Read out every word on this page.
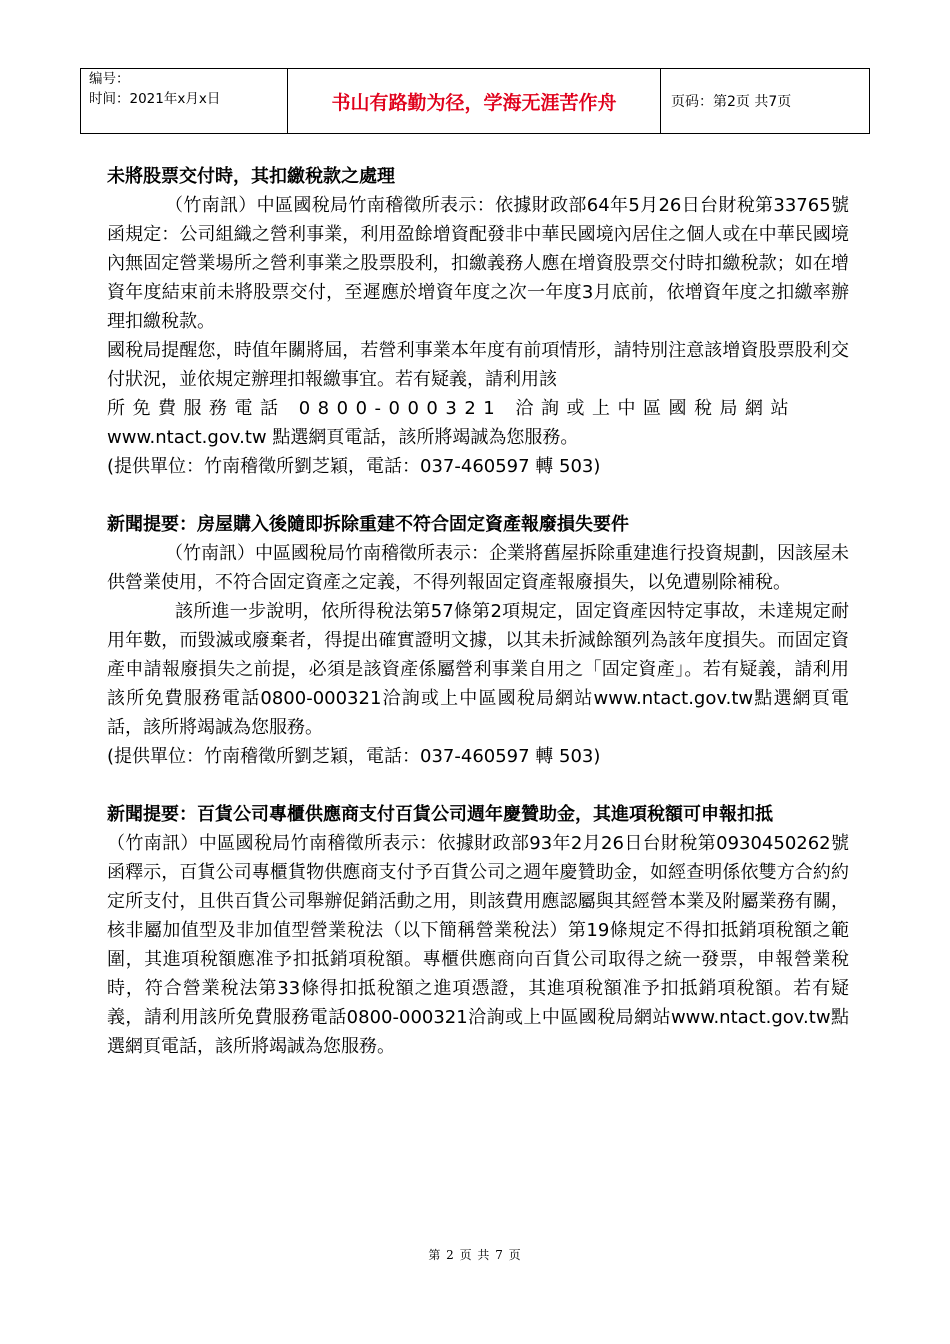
编号：
时间：2021年x月x日	书山有路勤为径，学海无涯苦作舟	页码：第2页 共7页

未將股票交付時，其扣繳稅款之處理

（竹南訊）中區國稅局竹南稽徵所表示：依據財政部64年5月26日台財稅第33765號函規定：公司組織之營利事業，利用盈餘增資配發非中華民國境內居住之個人或在中華民國境內無固定營業場所之營利事業之股票股利，扣繳義務人應在增資股票交付時扣繳稅款；如在增資年度結束前未將股票交付，至遲應於增資年度之次一年度3月底前，依增資年度之扣繳率辦理扣繳稅款。

國稅局提醒您，時值年關將屆，若營利事業本年度有前項情形，請特別注意該增資股票股利交付狀況，並依規定辦理扣報繳事宜。若有疑義，請利用該

所免費服務電話 0800-000321 洽詢或上中區國稅局網站

www.ntact.gov.tw 點選網頁電話，該所將竭誠為您服務。

(提供單位：竹南稽徵所劉芝穎，電話：037-460597 轉 503)

新聞提要：房屋購入後隨即拆除重建不符合固定資產報廢損失要件

（竹南訊）中區國稅局竹南稽徵所表示：企業將舊屋拆除重建進行投資規劃，因該屋未供營業使用，不符合固定資產之定義，不得列報固定資產報廢損失，以免遭剔除補稅。

該所進一步說明，依所得稅法第57條第2項規定，固定資產因特定事故，未達規定耐用年數，而毀滅或廢棄者，得提出確實證明文據，以其未折減餘額列為該年度損失。而固定資產申請報廢損失之前提，必須是該資產係屬營利事業自用之「固定資產」。若有疑義，請利用該所免費服務電話0800-000321洽詢或上中區國稅局網站www.ntact.gov.tw點選網頁電話，該所將竭誠為您服務。

(提供單位：竹南稽徵所劉芝穎，電話：037-460597 轉 503)

新聞提要：百貨公司專櫃供應商支付百貨公司週年慶贊助金，其進項稅額可申報扣抵

（竹南訊）中區國稅局竹南稽徵所表示：依據財政部93年2月26日台財稅第0930450262號函釋示，百貨公司專櫃貨物供應商支付予百貨公司之週年慶贊助金，如經查明係依雙方合約約定所支付，且供百貨公司舉辦促銷活動之用，則該費用應認屬與其經營本業及附屬業務有關，核非屬加值型及非加值型營業稅法（以下簡稱營業稅法）第19條規定不得扣抵銷項稅額之範圍，其進項稅額應准予扣抵銷項稅額。專櫃供應商向百貨公司取得之統一發票，申報營業稅時，符合營業稅法第33條得扣抵稅額之進項憑證，其進項稅額准予扣抵銷項稅額。若有疑義，請利用該所免費服務電話0800-000321洽詢或上中區國稅局網站www.ntact.gov.tw點選網頁電話，該所將竭誠為您服務。

第 2 页 共 7 页
